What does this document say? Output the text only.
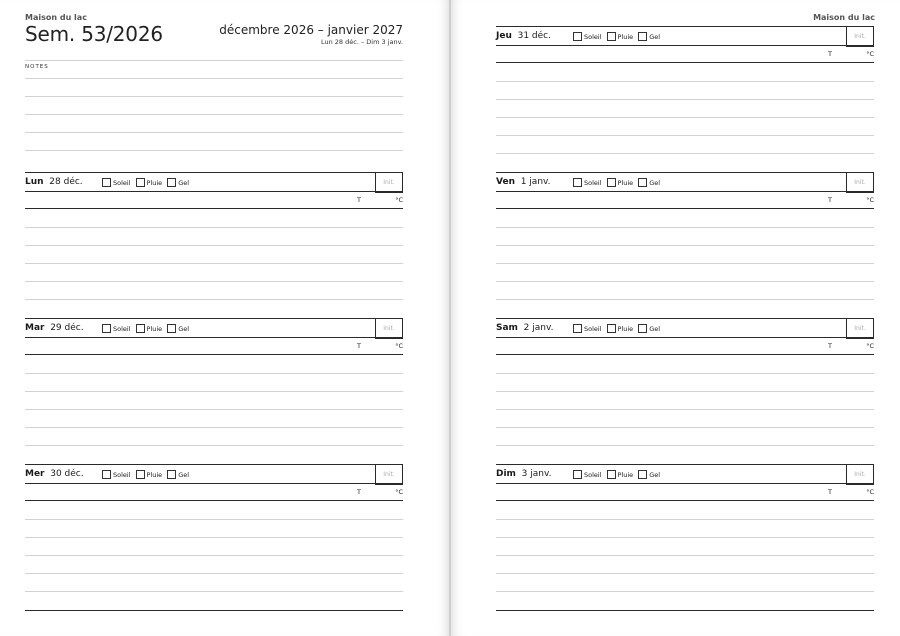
Maison du lac
Sem. 53/2026	décembre 2026 – janvier 2027
Lun 28 déc. – Dim 3 janv.
NOTES
Lun 28 déc.	Soleil Pluie Gel	Init.
T	°C
Mar 29 déc.	Soleil Pluie Gel	Init.
T	°C
Mer 30 déc.	Soleil Pluie Gel	Init.
T	°C
Maison du lac
Jeu 31 déc.	Soleil Pluie Gel	Init.
T	°C
Ven 1 janv.	Soleil Pluie Gel	Init.
T	°C
Sam 2 janv.	Soleil Pluie Gel	Init.
T	°C
Dim 3 janv.	Soleil Pluie Gel	Init.
T	°C
